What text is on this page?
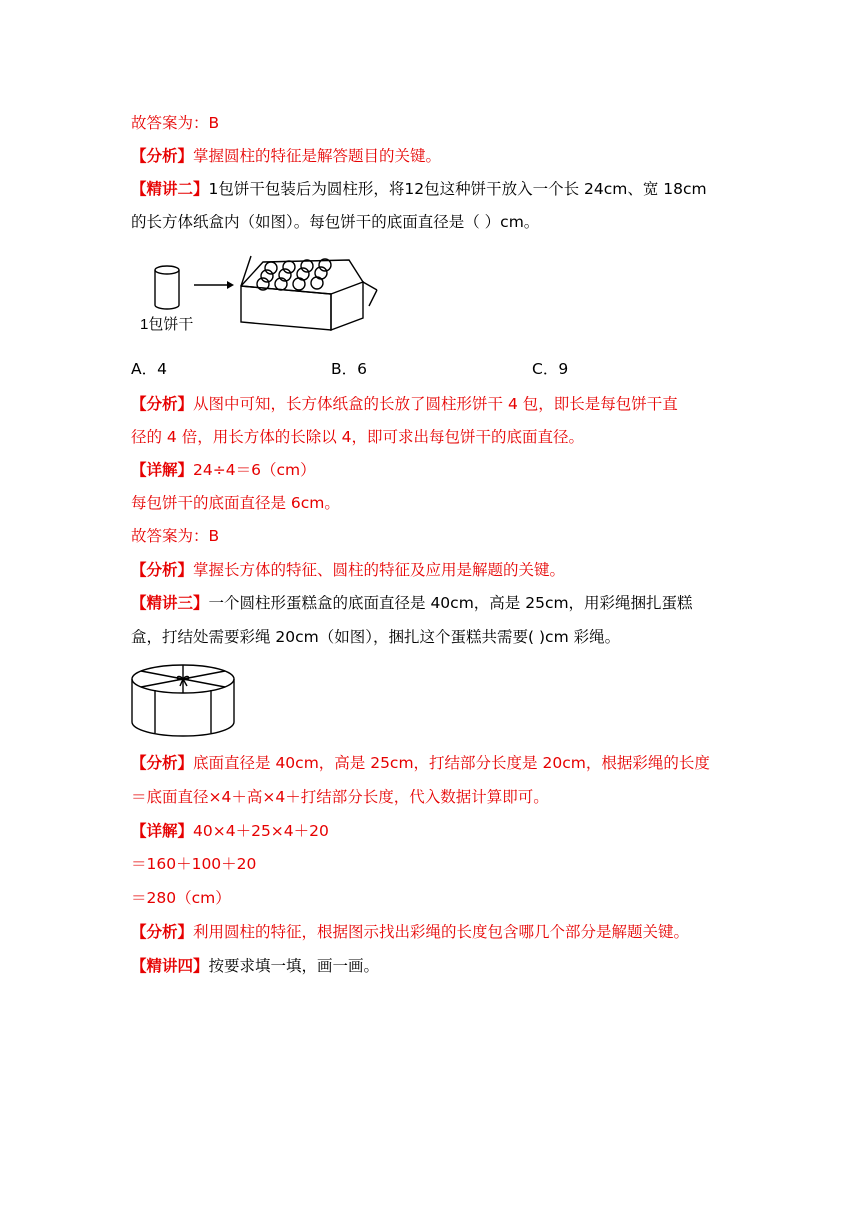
故答案为：B
【分析】掌握圆柱的特征是解答题目的关键。
【精讲二】1包饼干包装后为圆柱形，将12包这种饼干放入一个长 24cm、宽 18cm
的长方体纸盒内（如图）。每包饼干的底面直径是（ ）cm。
1包饼干
A．4	B．6	C．9
【分析】从图中可知，长方体纸盒的长放了圆柱形饼干 4 包，即长是每包饼干直
径的 4 倍，用长方体的长除以 4，即可求出每包饼干的底面直径。
【详解】24÷4＝6（cm）
每包饼干的底面直径是 6cm。
故答案为：B
【分析】掌握长方体的特征、圆柱的特征及应用是解题的关键。
【精讲三】一个圆柱形蛋糕盒的底面直径是 40cm，高是 25cm，用彩绳捆扎蛋糕
盒，打结处需要彩绳 20cm（如图），捆扎这个蛋糕共需要( )cm 彩绳。
【分析】底面直径是 40cm，高是 25cm，打结部分长度是 20cm，根据彩绳的长度
＝底面直径×4＋高×4＋打结部分长度，代入数据计算即可。
【详解】40×4＋25×4＋20
＝160＋100＋20
＝280（cm）
【分析】利用圆柱的特征，根据图示找出彩绳的长度包含哪几个部分是解题关键。
【精讲四】按要求填一填，画一画。
